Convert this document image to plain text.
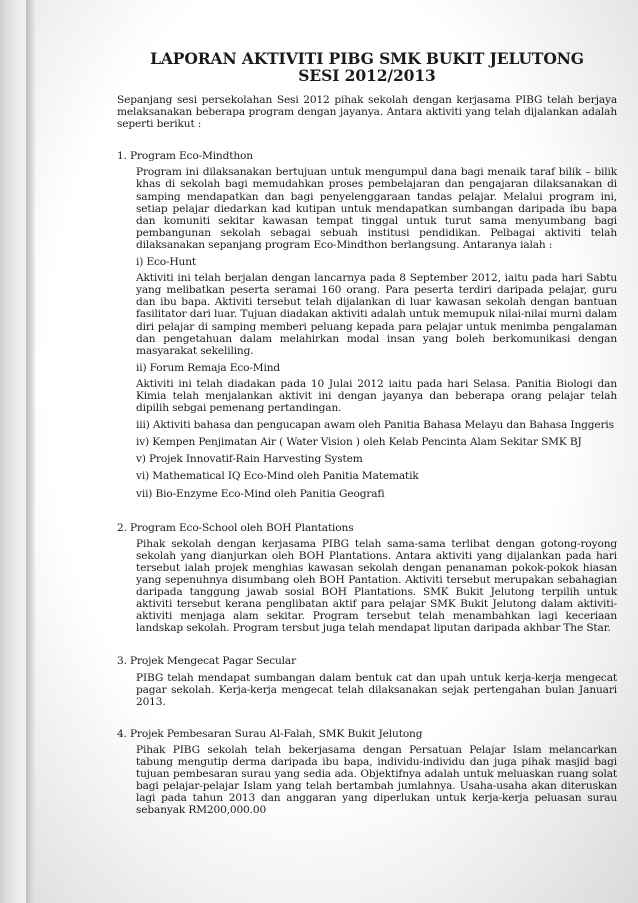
LAPORAN AKTIVITI PIBG SMK BUKIT JELUTONG
SESI 2012/2013

Sepanjang sesi persekolahan Sesi 2012 pihak sekolah dengan kerjasama PIBG telah berjaya melaksanakan beberapa program dengan jayanya. Antara aktiviti yang telah dijalankan adalah seperti berikut :

1. Program Eco-Mindthon

Program ini dilaksanakan bertujuan untuk mengumpul dana bagi menaik taraf bilik – bilik khas di sekolah bagi memudahkan proses pembelajaran dan pengajaran dilaksanakan di samping mendapatkan dan bagi penyelenggaraan tandas pelajar. Melalui program ini, setiap pelajar diedarkan kad kutipan untuk mendapatkan sumbangan daripada ibu bapa dan komuniti sekitar kawasan tempat tinggal untuk turut sama menyumbang bagi pembangunan sekolah sebagai sebuah institusi pendidikan. Pelbagai aktiviti telah dilaksanakan sepanjang program Eco-Mindthon berlangsung. Antaranya ialah :

i) Eco-Hunt

Aktiviti ini telah berjalan dengan lancarnya pada 8 September 2012, iaitu pada hari Sabtu yang melibatkan peserta seramai 160 orang. Para peserta terdiri daripada pelajar, guru dan ibu bapa. Aktiviti tersebut telah dijalankan di luar kawasan sekolah dengan bantuan fasilitator dari luar. Tujuan diadakan aktiviti adalah untuk memupuk nilai-nilai murni dalam diri pelajar di samping memberi peluang kepada para pelajar untuk menimba pengalaman dan pengetahuan dalam melahirkan modal insan yang boleh berkomunikasi dengan masyarakat sekeliling.

ii) Forum Remaja Eco-Mind

Aktiviti ini telah diadakan pada 10 Julai 2012 iaitu pada hari Selasa. Panitia Biologi dan Kimia telah menjalankan aktivit ini dengan jayanya dan beberapa orang pelajar telah dipilih sebgai pemenang pertandingan.

iii) Aktiviti bahasa dan pengucapan awam oleh Panitia Bahasa Melayu dan Bahasa Inggeris

iv) Kempen Penjimatan Air ( Water Vision ) oleh Kelab Pencinta Alam Sekitar SMK BJ

v) Projek Innovatif-Rain Harvesting System

vi) Mathematical IQ Eco-Mind oleh Panitia Matematik

vii) Bio-Enzyme Eco-Mind oleh Panitia Geografi

2. Program Eco-School oleh BOH Plantations

Pihak sekolah dengan kerjasama PIBG telah sama-sama terlibat dengan gotong-royong sekolah yang dianjurkan oleh BOH Plantations. Antara aktiviti yang dijalankan pada hari tersebut ialah projek menghias kawasan sekolah dengan penanaman pokok-pokok hiasan yang sepenuhnya disumbang oleh BOH Pantation. Aktiviti tersebut merupakan sebahagian daripada tanggung jawab sosial BOH Plantations. SMK Bukit Jelutong terpilih untuk aktiviti tersebut kerana penglibatan aktif para pelajar SMK Bukit Jelutong dalam aktiviti-aktiviti menjaga alam sekitar. Program tersebut telah menambahkan lagi keceriaan landskap sekolah. Program tersbut juga telah mendapat liputan daripada akhbar The Star.

3. Projek Mengecat Pagar Secular

PIBG telah mendapat sumbangan dalam bentuk cat dan upah untuk kerja-kerja mengecat pagar sekolah. Kerja-kerja mengecat telah dilaksanakan sejak pertengahan bulan Januari 2013.

4. Projek Pembesaran Surau Al-Falah, SMK Bukit Jelutong

Pihak PIBG sekolah telah bekerjasama dengan Persatuan Pelajar Islam melancarkan tabung mengutip derma daripada ibu bapa, individu-individu dan juga pihak masjid bagi tujuan pembesaran surau yang sedia ada. Objektifnya adalah untuk meluaskan ruang solat bagi pelajar-pelajar Islam yang telah bertambah jumlahnya. Usaha-usaha akan diteruskan lagi pada tahun 2013 dan anggaran yang diperlukan untuk kerja-kerja peluasan surau sebanyak RM200,000.00
